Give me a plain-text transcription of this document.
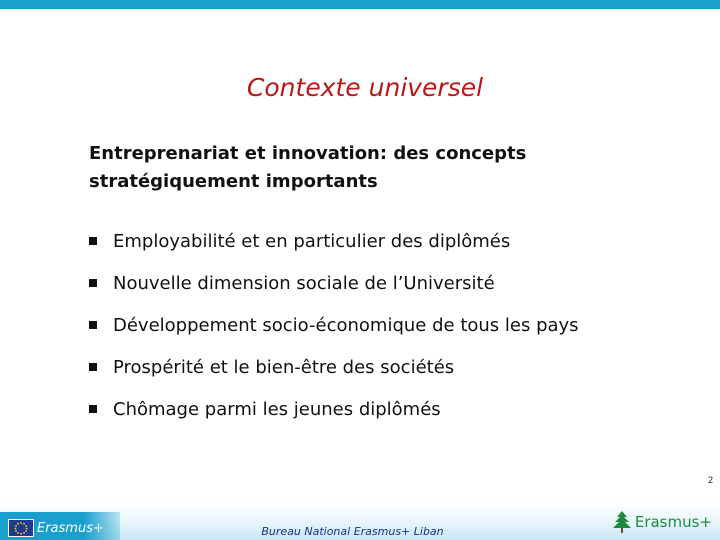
Contexte universel
Entreprenariat et innovation: des concepts stratégiquement importants
Employabilité et en particulier des diplômés
Nouvelle dimension sociale de l’Université
Développement socio-économique de tous les pays
Prospérité et le bien-être des sociétés
Chômage parmi les jeunes diplômés
2
Erasmus+	Bureau National Erasmus+ Liban
Erasmus+
